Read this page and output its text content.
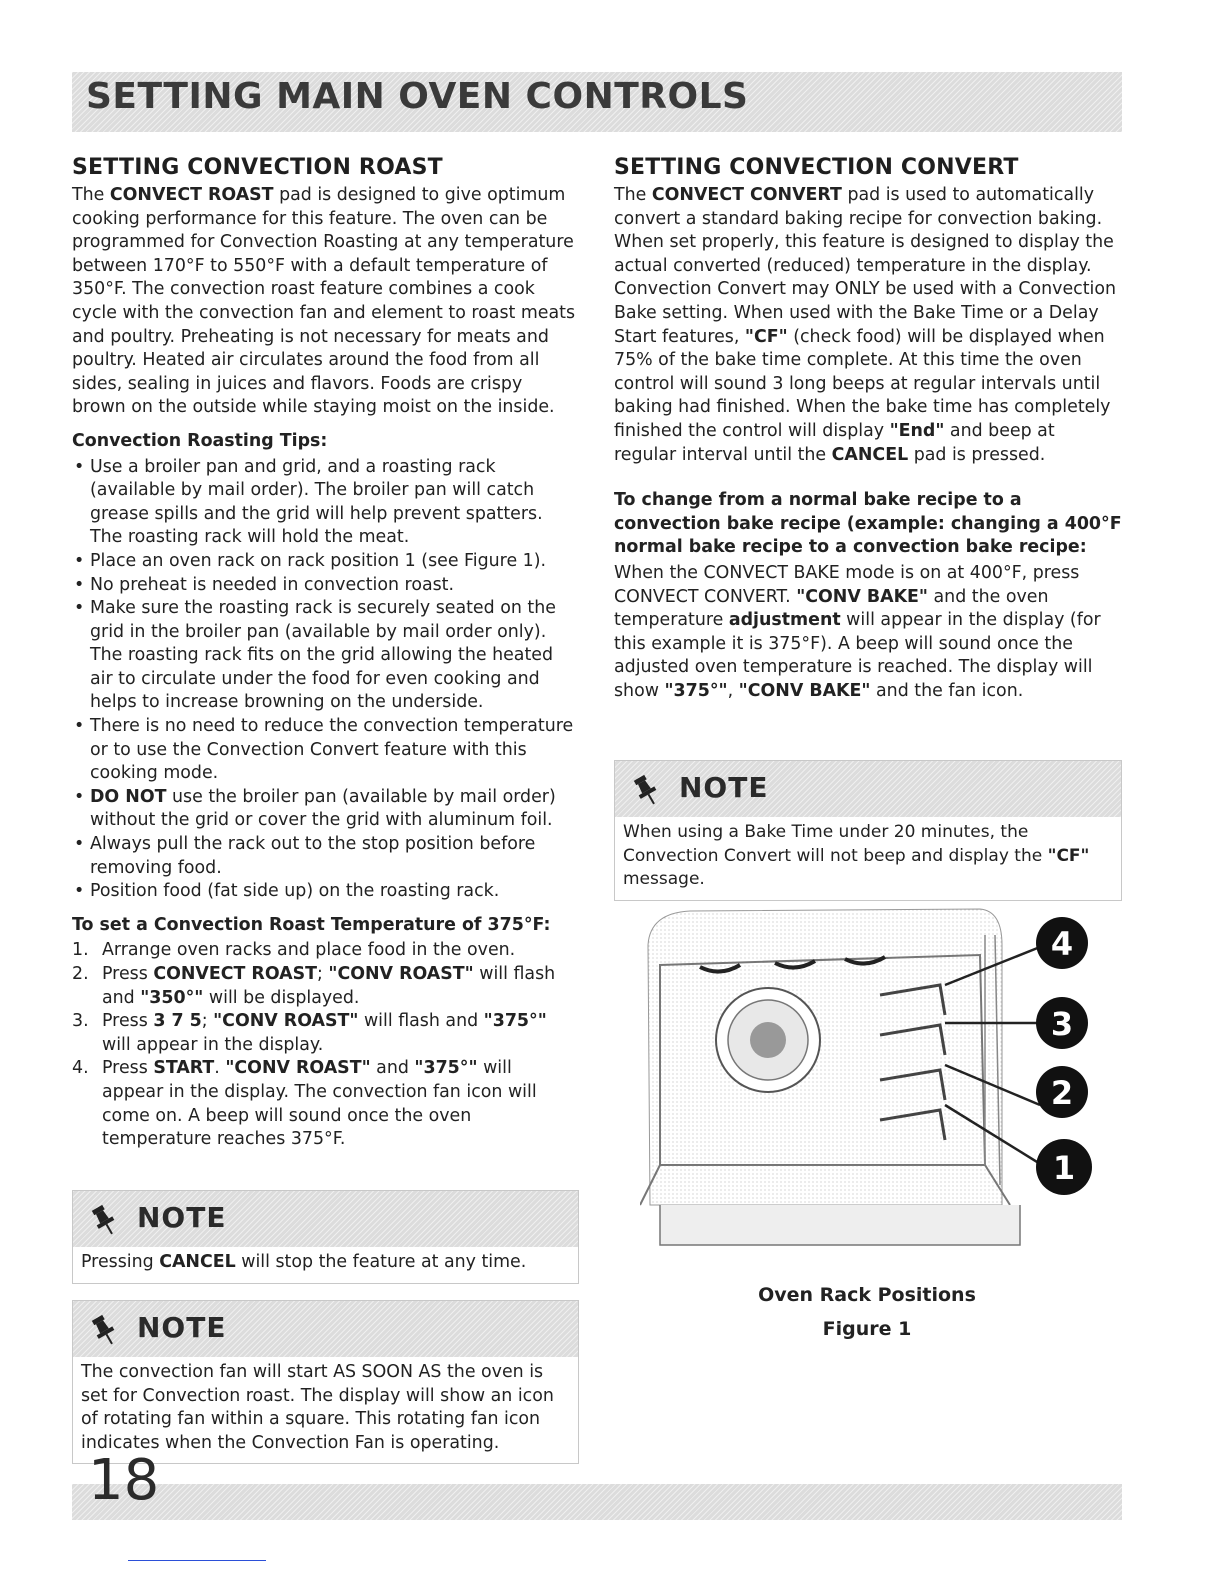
SETTING MAIN OVEN CONTROLS
SETTING CONVECTION ROAST

The CONVECT ROAST pad is designed to give optimum cooking performance for this feature. The oven can be programmed for Convection Roasting at any temperature between 170°F to 550°F with a default temperature of 350°F. The convection roast feature combines a cook cycle with the convection fan and element to roast meats and poultry. Preheating is not necessary for meats and poultry. Heated air circulates around the food from all sides, sealing in juices and flavors. Foods are crispy brown on the outside while staying moist on the inside.

Convection Roasting Tips:
• Use a broiler pan and grid, and a roasting rack (available by mail order). The broiler pan will catch grease spills and the grid will help prevent spatters. The roasting rack will hold the meat.
• Place an oven rack on rack position 1 (see Figure 1).
• No preheat is needed in convection roast.
• Make sure the roasting rack is securely seated on the grid in the broiler pan (available by mail order only). The roasting rack fits on the grid allowing the heated air to circulate under the food for even cooking and helps to increase browning on the underside.
• There is no need to reduce the convection temperature or to use the Convection Convert feature with this cooking mode.
• DO NOT use the broiler pan (available by mail order) without the grid or cover the grid with aluminum foil.
• Always pull the rack out to the stop position before removing food.
• Position food (fat side up) on the roasting rack.
To set a Convection Roast Temperature of 375°F:
1. Arrange oven racks and place food in the oven.
2. Press CONVECT ROAST; "CONV ROAST" will flash and "350°" will be displayed.
3. Press 3 7 5; "CONV ROAST" will flash and "375°" will appear in the display.
4. Press START. "CONV ROAST" and "375°" will appear in the display. The convection fan icon will come on. A beep will sound once the oven temperature reaches 375°F.
NOTE
Pressing CANCEL will stop the feature at any time.
NOTE
The convection fan will start AS SOON AS the oven is set for Convection roast. The display will show an icon of rotating fan within a square. This rotating fan icon indicates when the Convection Fan is operating.
SETTING CONVECTION CONVERT

The CONVECT CONVERT pad is used to automatically convert a standard baking recipe for convection baking. When set properly, this feature is designed to display the actual converted (reduced) temperature in the display. Convection Convert may ONLY be used with a Convection Bake setting. When used with the Bake Time or a Delay Start features, "CF" (check food) will be displayed when 75% of the bake time complete. At this time the oven control will sound 3 long beeps at regular intervals until baking had finished. When the bake time has completely finished the control will display "End" and beep at regular interval until the CANCEL pad is pressed.

To change from a normal bake recipe to a convection bake recipe (example: changing a 400°F normal bake recipe to a convection bake recipe:

When the CONVECT BAKE mode is on at 400°F, press CONVECT CONVERT. "CONV BAKE" and the oven temperature adjustment will appear in the display (for this example it is 375°F). A beep will sound once the adjusted oven temperature is reached. The display will show "375°", "CONV BAKE" and the fan icon.

NOTE
When using a Bake Time under 20 minutes, the Convection Convert will not beep and display the "CF" message.
4
3
2
1
Oven Rack Positions
Figure 1
18
